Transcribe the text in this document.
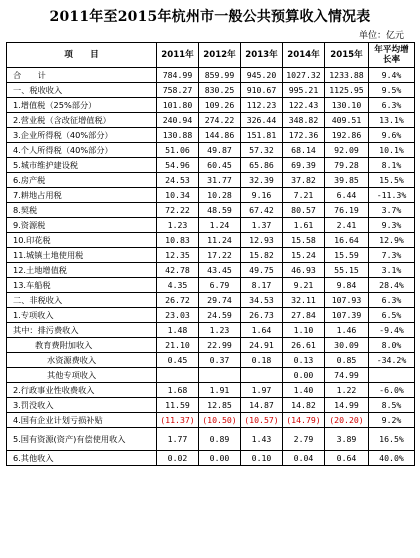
2011年至2015年杭州市一般公共预算收入情况表
单位：亿元
项　　目	2011年	2012年	2013年	2014年	2015年	年平均增长率
合　　计	784.99	859.99	945.20	1027.32	1233.88	9.4%
一、税收收入	758.27	830.25	910.67	995.21	1125.95	9.5%
1.增值税（25%部分）	101.80	109.26	112.23	122.43	130.10	6.3%
2.营业税（含改征增值税）	240.94	274.22	326.44	348.82	409.51	13.1%
3.企业所得税（40%部分）	130.88	144.86	151.81	172.36	192.86	9.6%
4.个人所得税（40%部分）	51.06	49.87	57.32	68.14	92.09	10.1%
5.城市维护建设税	54.96	60.45	65.86	69.39	79.28	8.1%
6.房产税	24.53	31.77	32.39	37.82	39.85	15.5%
7.耕地占用税	10.34	10.28	9.16	7.21	6.44	-11.3%
8.契税	72.22	48.59	67.42	80.57	76.19	3.7%
9.资源税	1.23	1.24	1.37	1.61	2.41	9.3%
10.印花税	10.83	11.24	12.93	15.58	16.64	12.9%
11.城镇土地使用税	12.35	17.22	15.82	15.24	15.59	7.3%
12.土地增值税	42.78	43.45	49.75	46.93	55.15	3.1%
13.车船税	4.35	6.79	8.17	9.21	9.84	28.4%
二、非税收入	26.72	29.74	34.53	32.11	107.93	6.3%
1.专项收入	23.03	24.59	26.73	27.84	107.39	6.5%
其中：排污费收入	1.48	1.23	1.64	1.10	1.46	-9.4%
教育费附加收入	21.10	22.99	24.91	26.61	30.09	8.0%
水资源费收入	0.45	0.37	0.18	0.13	0.85	-34.2%
其他专项收入				0.00	74.99	
2.行政事业性收费收入	1.68	1.91	1.97	1.40	1.22	-6.0%
3.罚没收入	11.59	12.85	14.87	14.82	14.99	8.5%
4.国有企业计划亏损补贴	(11.37)	(10.50)	(10.57)	(14.79)	(20.20)	9.2%
5.国有资源(资产)有偿使用收入	1.77	0.89	1.43	2.79	3.89	16.5%
6.其他收入	0.02	0.00	0.10	0.04	0.64	40.0%
